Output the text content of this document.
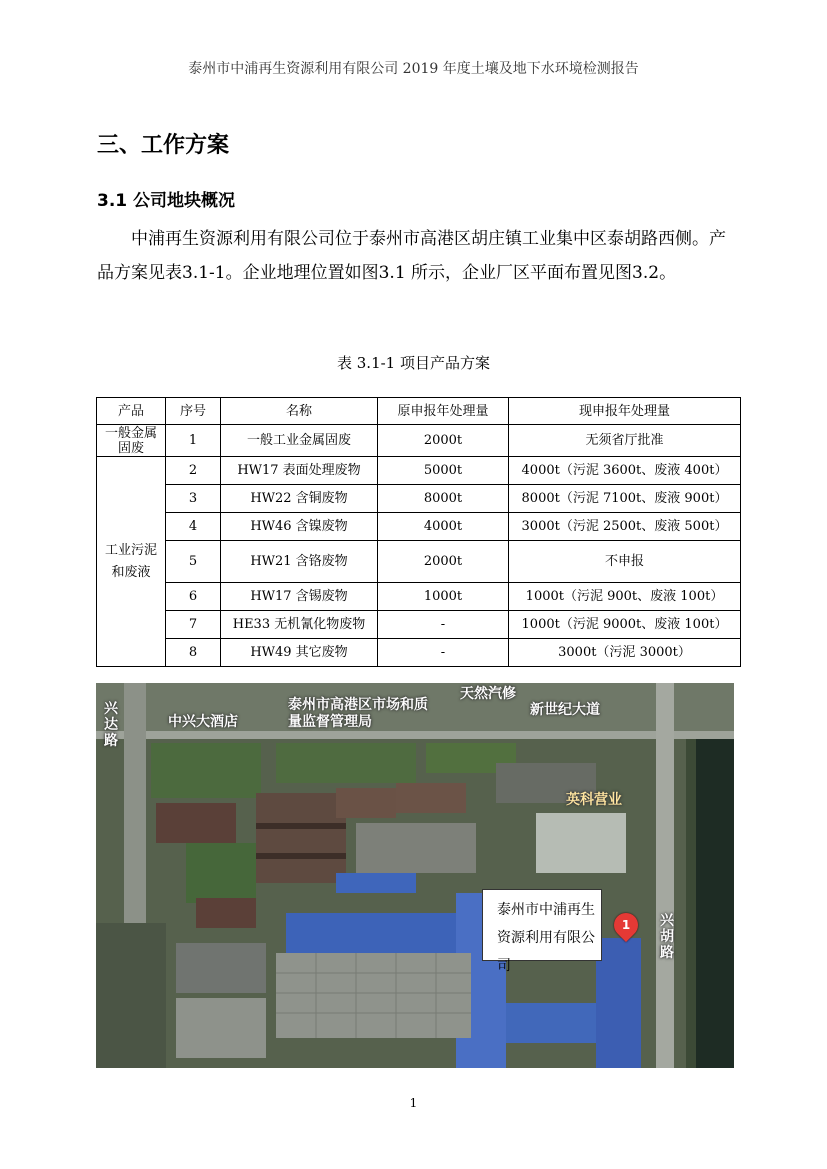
泰州市中浦再生资源利用有限公司 2019 年度土壤及地下水环境检测报告
三、工作方案
3.1 公司地块概况

中浦再生资源利用有限公司位于泰州市高港区胡庄镇工业集中区泰胡路西侧。产品方案见表3.1-1。企业地理位置如图3.1 所示，企业厂区平面布置见图3.2。

表 3.1-1 项目产品方案
产品	序号	名称	原申报年处理量	现申报年处理量
一般金属固废	1	一般工业金属固废	2000t	无须省厅批准
工业污泥和废液	2	HW17 表面处理废物	5000t	4000t（污泥 3600t、废液 400t）
	3	HW22 含铜废物	8000t	8000t（污泥 7100t、废液 900t）
	4	HW46 含镍废物	4000t	3000t（污泥 2500t、废液 500t）
	5	HW21 含铬废物	2000t	不申报
	6	HW17 含锡废物	1000t	1000t（污泥 900t、废液 100t）
	7	HE33 无机氰化物废物	-	1000t（污泥 9000t、废液 100t）
	8	HW49 其它废物	-	3000t（污泥 3000t）
中兴大酒店
泰州市高港区市场和质量监督管理局
兴达路
天然汽修
新世纪大道
英科营业
兴胡路
泰州市中浦再生资源利用有限公司
1
1
